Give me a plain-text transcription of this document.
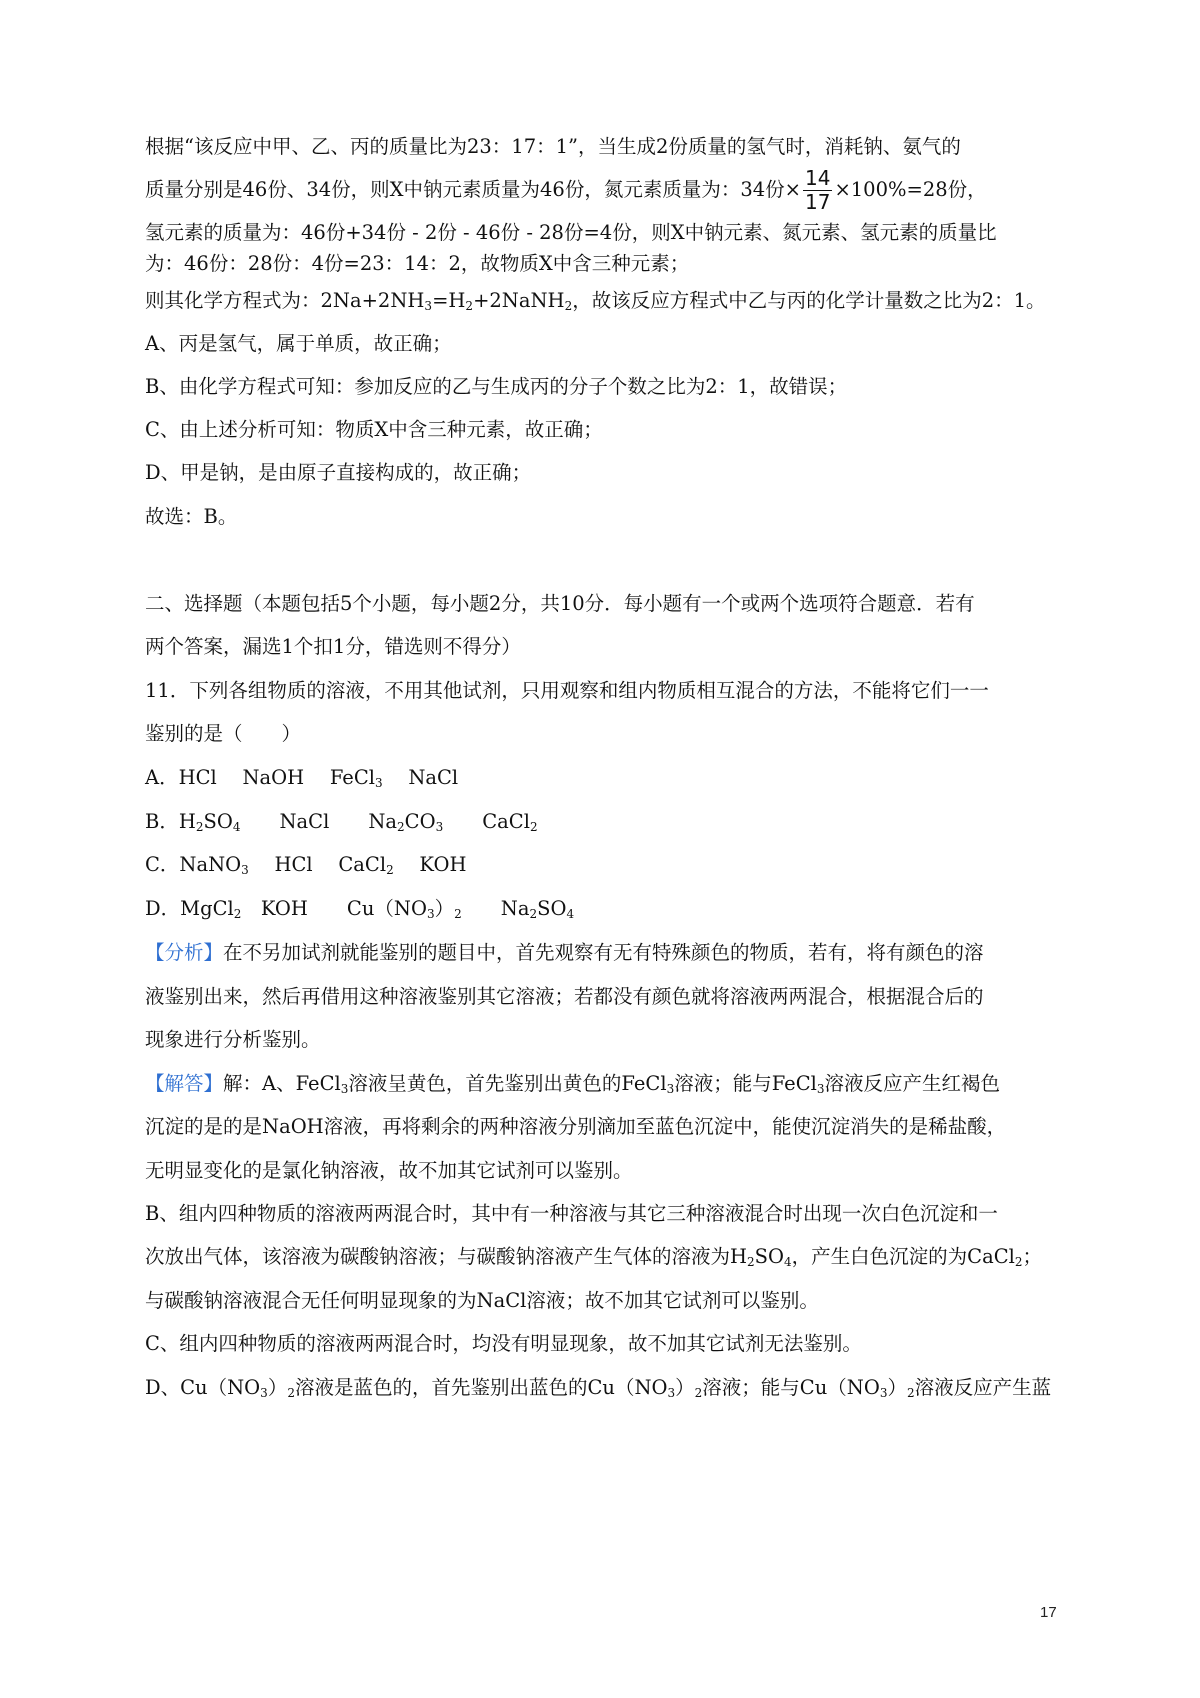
根据“该反应中甲、乙、丙的质量比为23：17：1”，当生成2份质量的氢气时，消耗钠、氨气的
质量分别是46份、34份，则X中钠元素质量为46份，氮元素质量为：34份× $\frac{14}{17} \times 100\%=28$份，
氢元素的质量为：46份+34份 - 2份 - 46份 - 28份=4份，则X中钠元素、氮元素、氢元素的质量比
为：46份：28份：4份=23：14：2，故物质X中含三种元素；
则其化学方程式为：$2Na+2NH_3=H_2+2NaNH_2$，故该反应方程式中乙与丙的化学计量数之比为2：1。
A、丙是氢气，属于单质，故正确；
B、由化学方程式可知：参加反应的乙与生成丙的分子个数之比为2：1，故错误；
C、由上述分析可知：物质X中含三种元素，故正确；
D、甲是钠，是由原子直接构成的，故正确；
故选：B。
二、选择题（本题包括5个小题，每小题2分，共10分．每小题有一个或两个选项符合题意．若有
两个答案，漏选1个扣1分，错选则不得分）
11．下列各组物质的溶液，不用其他试剂，只用观察和组内物质相互混合的方法，不能将它们一一
鉴别的是（　　）
A．HCl　 NaOH　 FeCl$_3$　 NaCl
B．$H_2SO_4$　　NaCl　　$Na_2CO_3$　　CaCl$_2$
C．NaNO$_3$　 HCl　 CaCl$_2$　 KOH
D．MgCl$_2$　KOH　　$Cu(NO_3)_2$　　$Na_2SO_4$
【分析】在不另加试剂就能鉴别的题目中，首先观察有无有特殊颜色的物质，若有，将有颜色的溶
液鉴别出来，然后再借用这种溶液鉴别其它溶液；若都没有颜色就将溶液两两混合，根据混合后的
现象进行分析鉴别。
【解答】解：A、FeCl$_3$溶液呈黄色，首先鉴别出黄色的FeCl$_3$溶液；能与FeCl$_3$溶液反应产生红褐色
沉淀的是的是NaOH溶液，再将剩余的两种溶液分别滴加至蓝色沉淀中，能使沉淀消失的是稀盐酸，
无明显变化的是氯化钠溶液，故不加其它试剂可以鉴别。
B、组内四种物质的溶液两两混合时，其中有一种溶液与其它三种溶液混合时出现一次白色沉淀和一
次放出气体，该溶液为碳酸钠溶液；与碳酸钠溶液产生气体的溶液为$H_2SO_4$，产生白色沉淀的为CaCl$_2$；
与碳酸钠溶液混合无任何明显现象的为NaCl溶液；故不加其它试剂可以鉴别。
C、组内四种物质的溶液两两混合时，均没有明显现象，故不加其它试剂无法鉴别。
D、$Cu(NO_3)_2$溶液是蓝色的，首先鉴别出蓝色的$Cu(NO_3)_2$溶液；能与$Cu(NO_3)_2$溶液反应产生蓝
17
